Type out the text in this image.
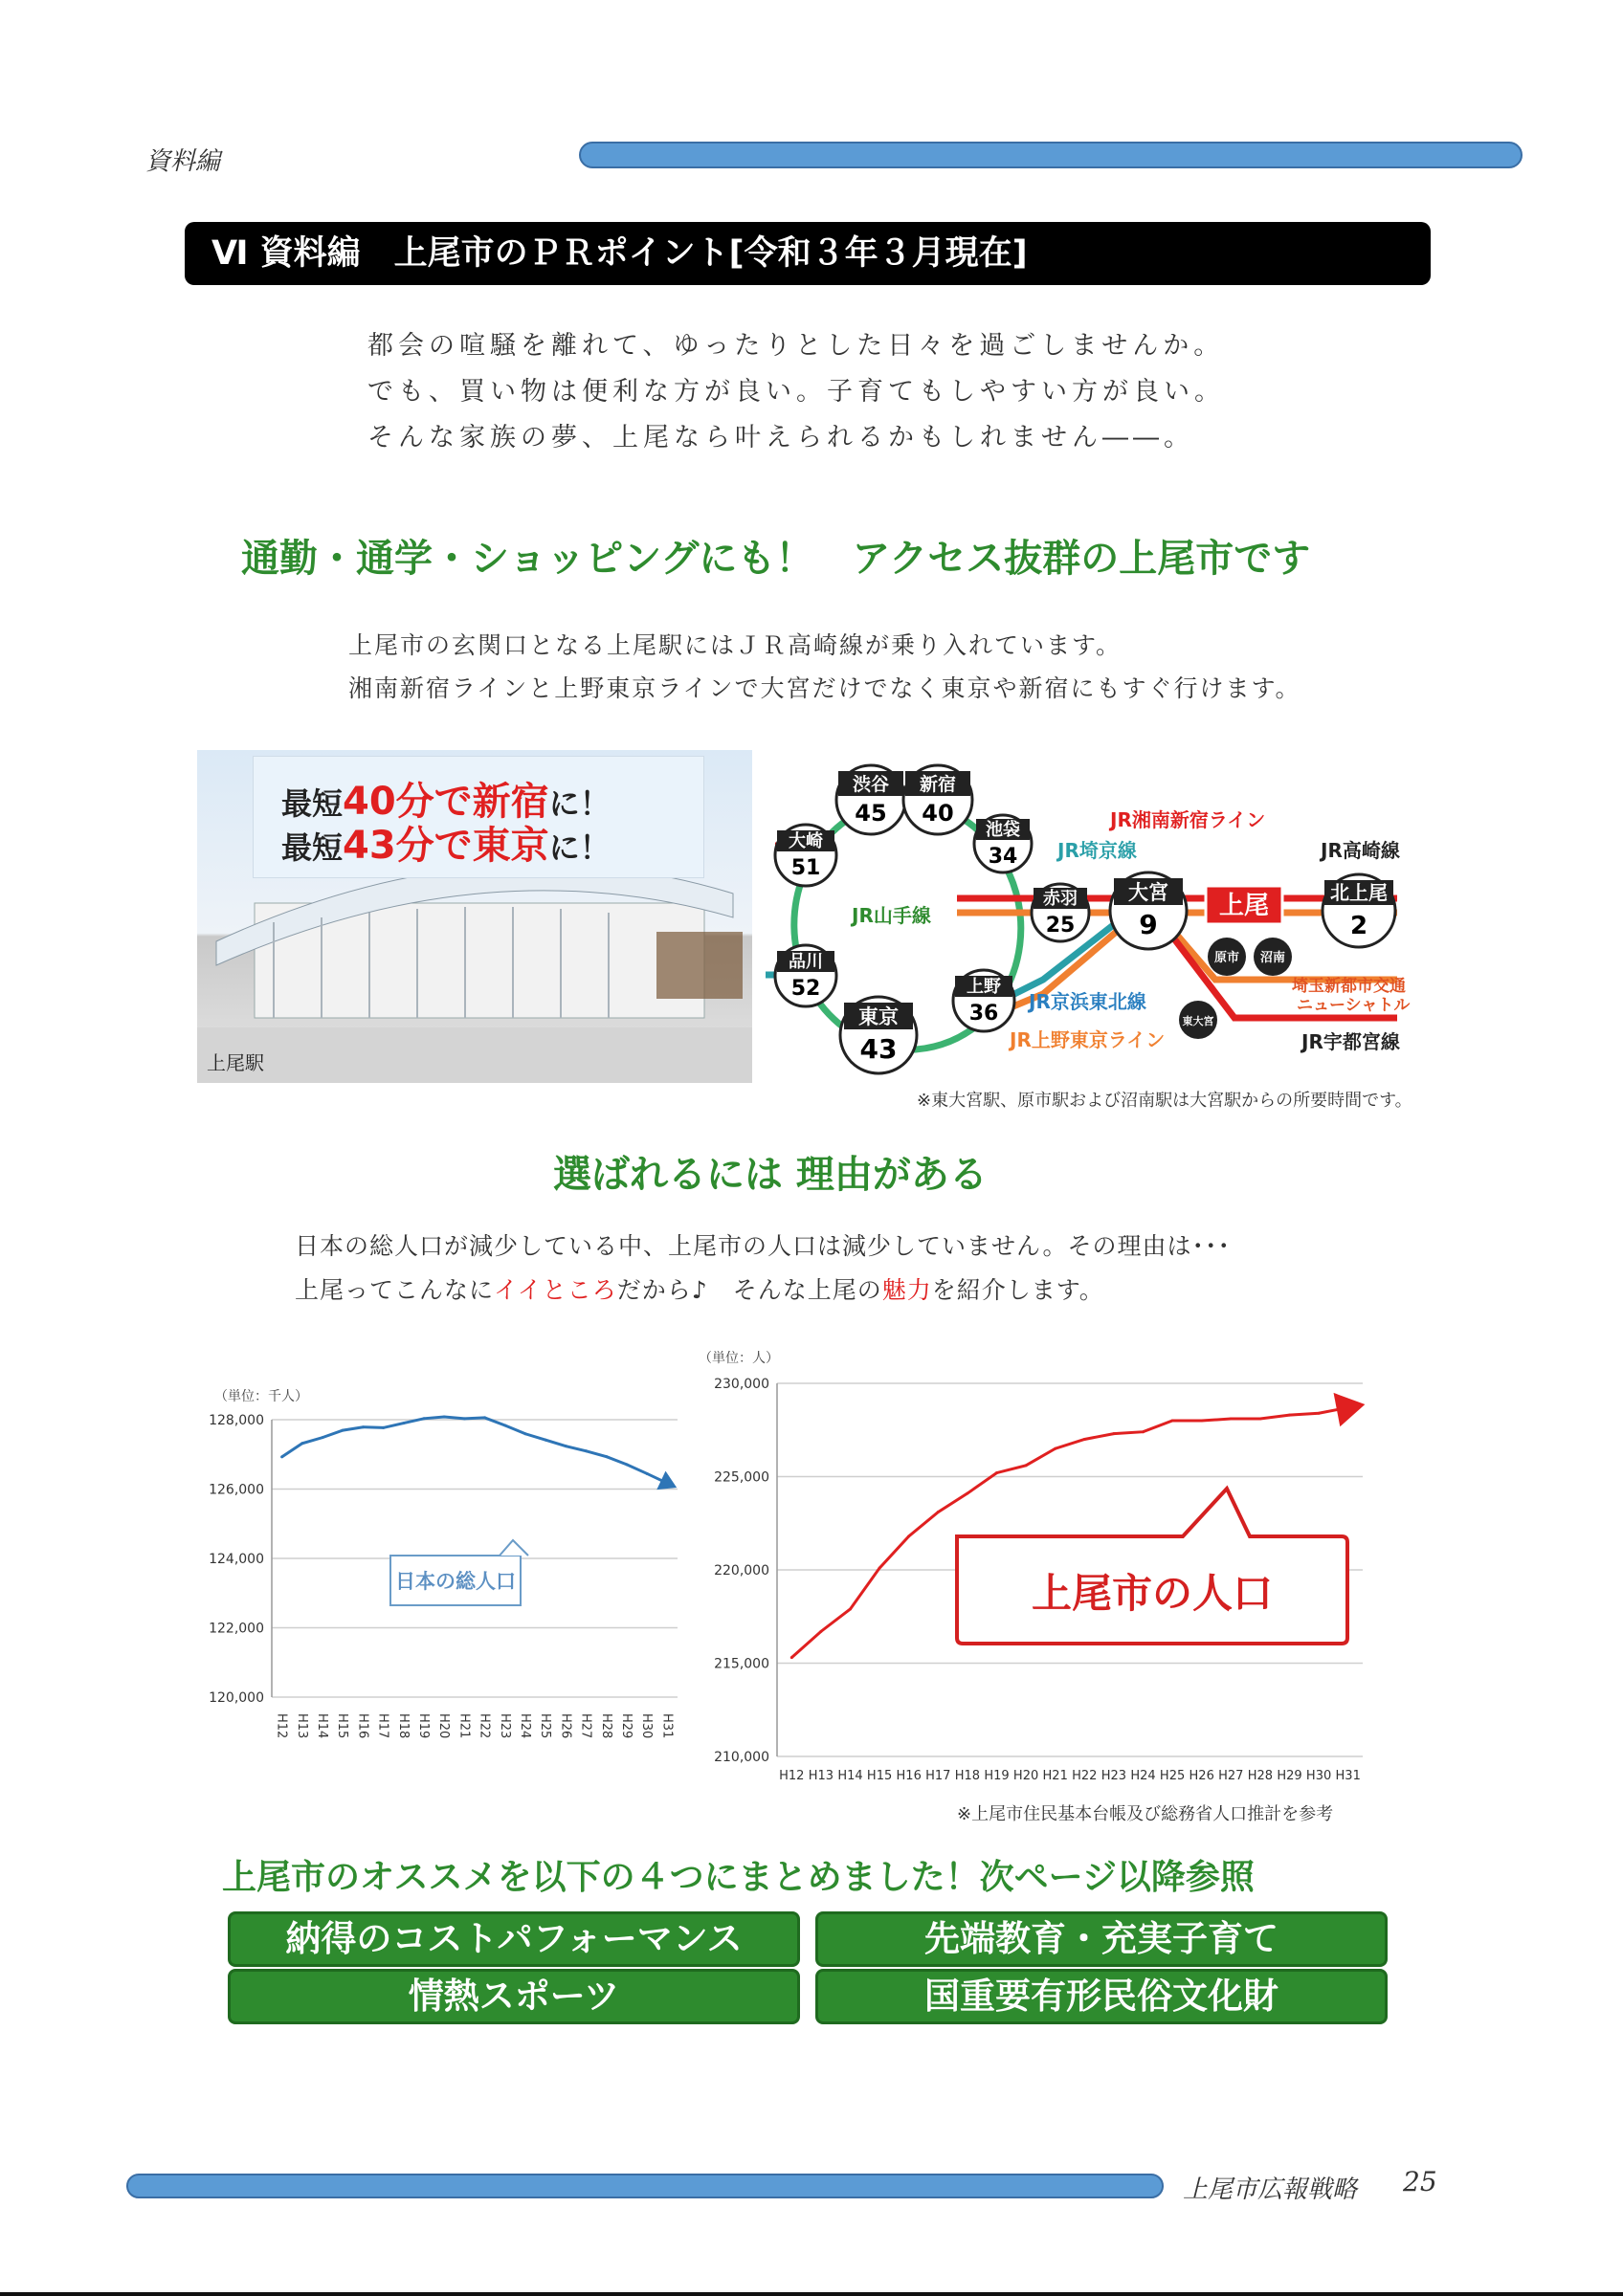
資料編
Ⅵ 資料編　上尾市のＰＲポイント[令和３年３月現在]
都会の喧騒を離れて、ゆったりとした日々を過ごしませんか。
でも、買い物は便利な方が良い。子育てもしやすい方が良い。
そんな家族の夢、上尾なら叶えられるかもしれません――。
通勤・通学・ショッピングにも！　アクセス抜群の上尾市です
上尾市の玄関口となる上尾駅にはＪＲ高崎線が乗り入れています。
湘南新宿ラインと上野東京ラインで大宮だけでなく東京や新宿にもすぐ行けます。
最短40分で新宿に！
最短43分で東京に！
上尾駅
JR山手線
JR湘南新宿ライン
JR埼京線	JR高崎線
JR京浜東北線
JR上野東京ライン
埼玉新都市交通
ニューシャトル
JR宇都宮線
渋谷
45
新宿
40
池袋
34
大崎
51
品川
52
東京
43
上野
36
赤羽
25
大宮
9
北上尾
2
上尾
原市 沼南
東大宮
※東大宮駅、原市駅および沼南駅は大宮駅からの所要時間です。
選ばれるには 理由がある
日本の総人口が減少している中、上尾市の人口は減少していません。その理由は･･･
上尾ってこんなにイイところだから♪　そんな上尾の魅力を紹介します。
（単位：千人）
120,000
122,000
124,000
126,000
128,000
H12 H13 H14 H15 H16 H17 H18 H19 H20 H21 H22 H23 H24 H25 H26 H27 H28 H29 H30 H31
日本の総人口
（単位：人）
210,000
215,000
220,000
225,000
230,000
H12 H13 H14 H15 H16 H17 H18 H19 H20 H21 H22 H23 H24 H25 H26 H27 H28 H29 H30 H31
上尾市の人口
※上尾市住民基本台帳及び総務省人口推計を参考
上尾市のオススメを以下の４つにまとめました！次ページ以降参照
納得のコストパフォーマンス	先端教育・充実子育て
情熱スポーツ	国重要有形民俗文化財
上尾市広報戦略 25
